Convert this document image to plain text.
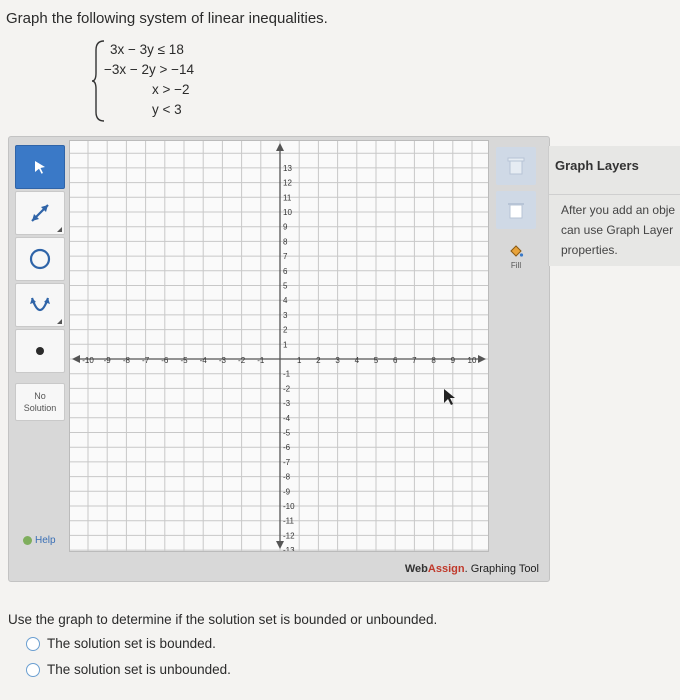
Graph the following system of linear inequalities.
3x − 3y ≤ 18
−3x − 2y > −14
x > −2
y < 3
No
Solution
Help
-10 -9 -8 -7 -6 -5 -4 -3 -2 -1	1 2 3 4 5 6 7 8 9 10
13
12
11
10
9
8
7
6
5
4
3
2
1
-1
-2
-3
-4
-5
-6
-7
-8
-9
-10
-11
-12
-13
Fill
WebAssign. Graphing Tool
Graph Layers
After you add an obje
can use Graph Layer
properties.
Use the graph to determine if the solution set is bounded or unbounded.
The solution set is bounded.
The solution set is unbounded.
